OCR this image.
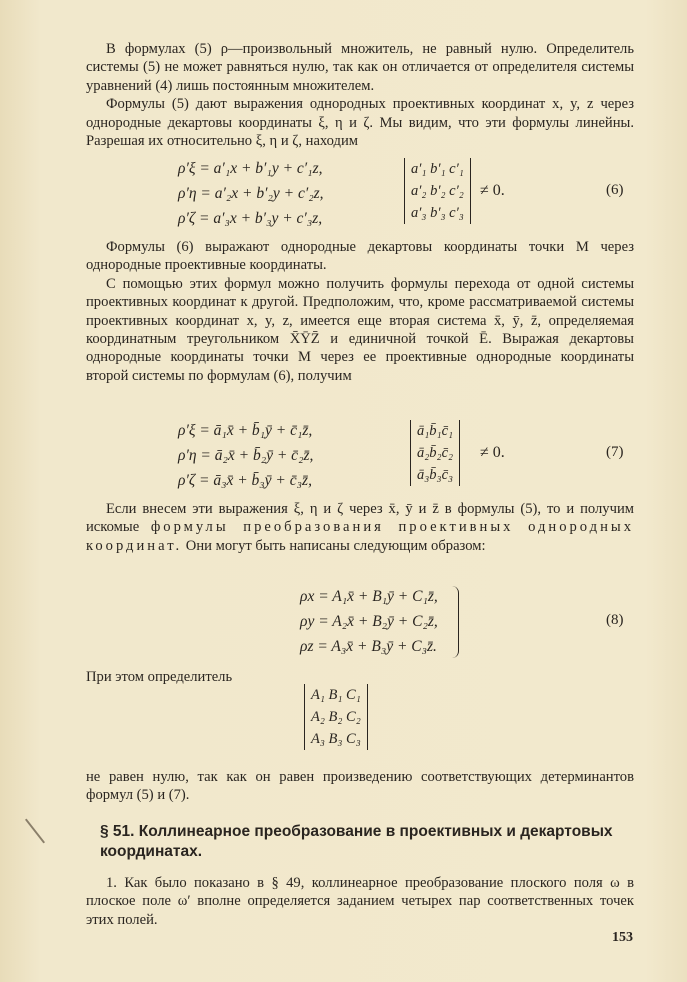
В формулах (5) ρ—произвольный множитель, не равный нулю. Определитель системы (5) не может равняться нулю, так как он отличается от определителя системы уравнений (4) лишь постоянным множителем.

Формулы (5) дают выражения однородных проективных координат x, y, z через однородные декартовы координаты ξ, η и ζ. Мы видим, что эти формулы линейны. Разрешая их относительно ξ, η и ζ, находим

ρ′ξ = a′₁x + b′₁y + c′₁z,
ρ′η = a′₂x + b′₂y + c′₂z,
ρ′ζ = a′₃x + b′₃y + c′₃z,
a′₁ b′₁ c′₁
a′₂ b′₂ c′₂
a′₃ b′₃ c′₃
≠ 0.	(6)

Формулы (6) выражают однородные декартовы координаты точки M через однородные проективные координаты.

С помощью этих формул можно получить формулы перехода от одной системы проективных координат к другой. Предположим, что, кроме рассматриваемой системы проективных координат x, y, z, имеется еще вторая система x̄, ȳ, z̄, определяемая координатным треугольником X̄ȲZ̄ и единичной точкой Ē. Выражая декартовы однородные координаты точки M через ее проективные однородные координаты второй системы по формулам (6), получим

ρ′ξ = ā₁x̄ + b̄₁ȳ + c̄₁z̄,
ρ′η = ā₂x̄ + b̄₂ȳ + c̄₂z̄,
ρ′ζ = ā₃x̄ + b̄₃ȳ + c̄₃z̄,
ā₁b̄₁c̄₁
ā₂b̄₂c̄₂
ā₃b̄₃c̄₃
≠ 0.	(7)

Если внесем эти выражения ξ, η и ζ через x̄, ȳ и z̄ в формулы (5), то и получим искомые формулы преобразования проективных однородных координат. Они могут быть написаны следующим образом:

ρx = A₁x̄ + B₁ȳ + C₁z̄,
ρy = A₂x̄ + B₂ȳ + C₂z̄,
ρz = A₃x̄ + B₃ȳ + C₃z̄.
(8)

При этом определитель

A₁ B₁ C₁
A₂ B₂ C₂
A₃ B₃ C₃

не равен нулю, так как он равен произведению соответствующих детерминантов формул (5) и (7).

§ 51. Коллинеарное преобразование в проективных и декартовых координатах.

1. Как было показано в § 49, коллинеарное преобразование плоского поля ω в плоское поле ω′ вполне определяется заданием четырех пар соответственных точек этих полей.

153
